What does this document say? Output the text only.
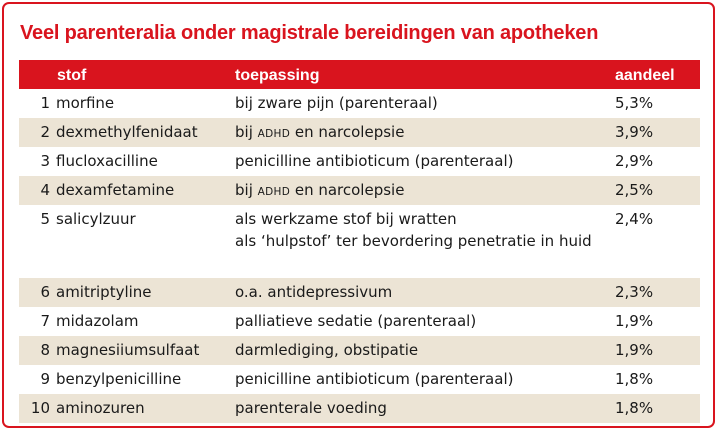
Veel parenteralia onder magistrale bereidingen van apotheken
	stof	toepassing	aandeel
1	morfine	bij zware pijn (parenteraal)	5,3%
2	dexmethylfenidaat	bij ADHD en narcolepsie	3,9%
3	flucloxacilline	penicilline antibioticum (parenteraal)	2,9%
4	dexamfetamine	bij ADHD en narcolepsie	2,5%
5	salicylzuur	als werkzame stof bij wratten
als ‘hulpstof’ ter bevordering penetratie in huid	2,4%
6	amitriptyline	o.a. antidepressivum	2,3%
7	midazolam	palliatieve sedatie (parenteraal)	1,9%
8	magnesiiumsulfaat	darmlediging, obstipatie	1,9%
9	benzylpenicilline	penicilline antibioticum (parenteraal)	1,8%
10	aminozuren	parenterale voeding	1,8%
